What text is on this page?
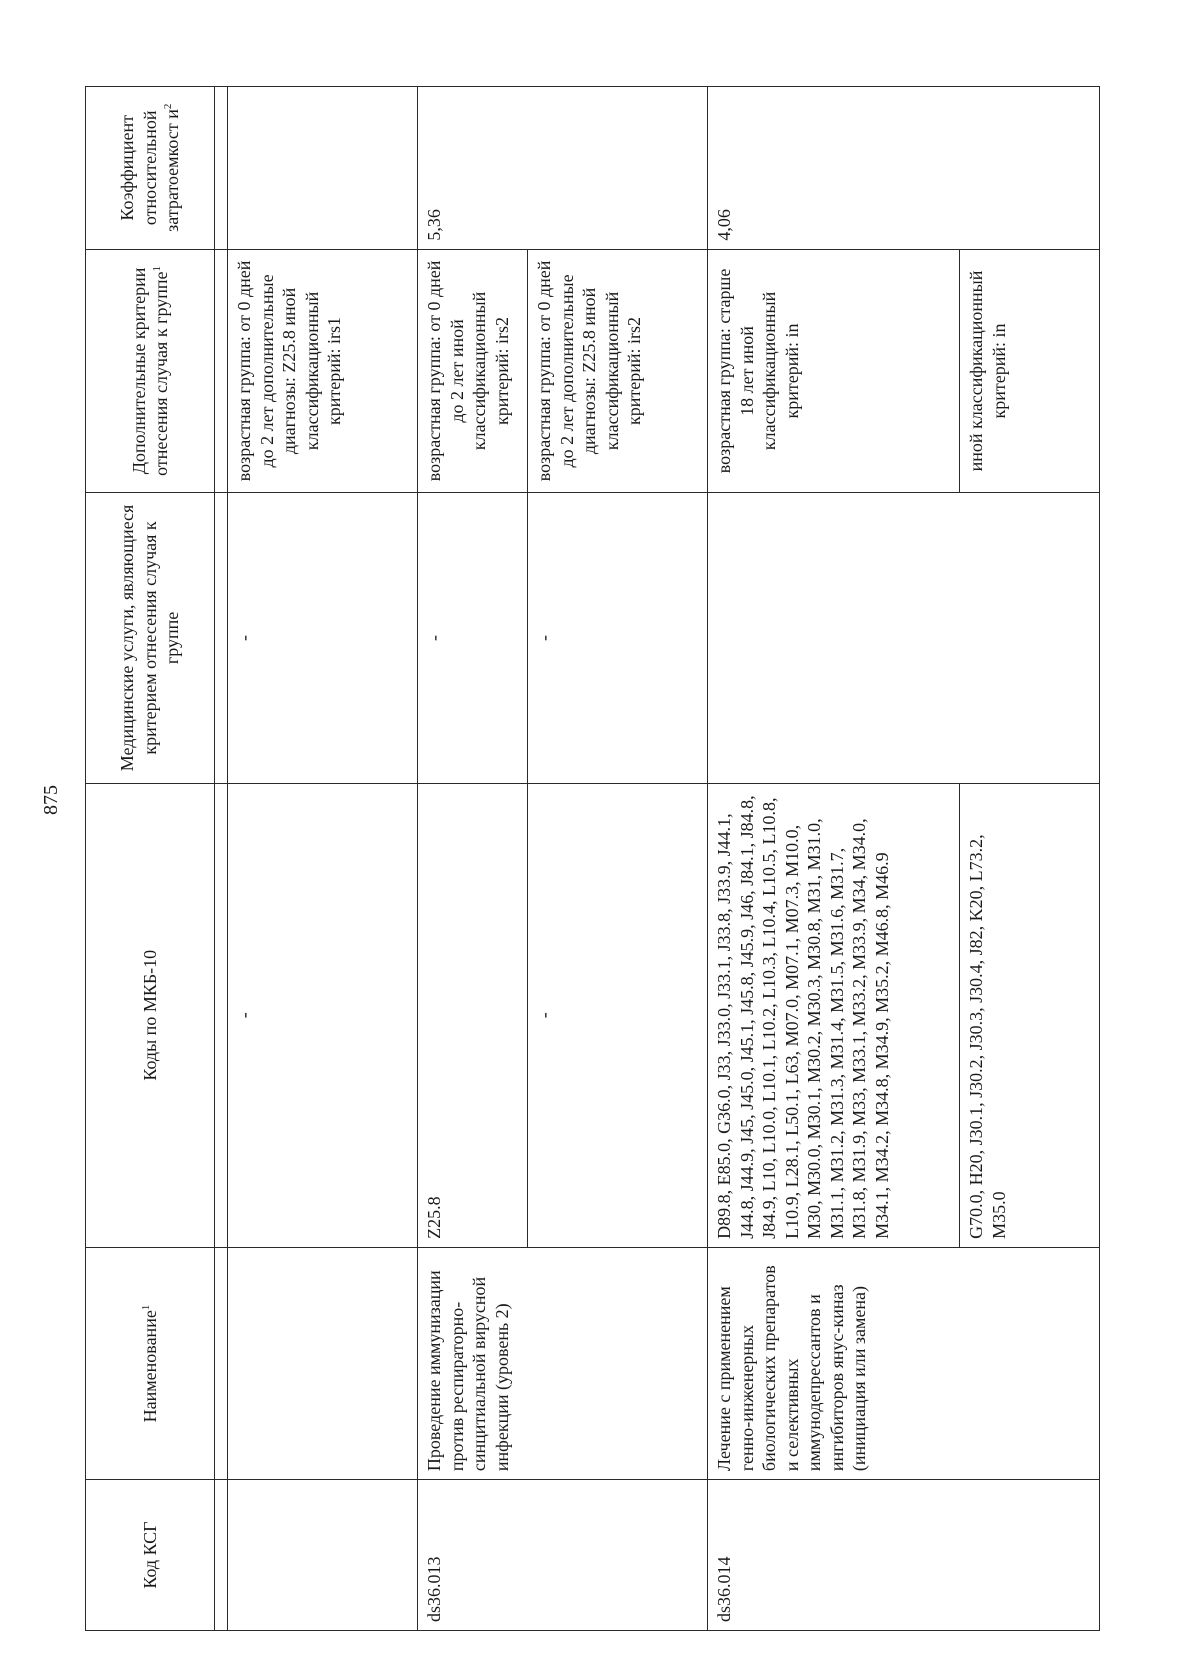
875
Код КСГ	Наименование$^1$	Коды по МКБ-10	Медицинские услуги, являющиеся критерием отнесения случая к группе	Дополнительные критерии отнесения случая к группе$^1$	Коэффициент относительной затратоемкост $и^2$

		-	-	возрастная группа: от 0 дней до 2 лет дополнительные диагнозы: Z25.8 иной классификационный критерий: irs1	
ds36.013	Проведение иммунизации против респираторно-синцитиальной вирусной инфекции (уровень 2)	Z25.8	-	возрастная группа: от 0 дней до 2 лет иной классификационный критерий: irs2	5,36
		-	-	возрастная группа: от 0 дней до 2 лет дополнительные диагнозы: Z25.8 иной классификационный критерий: irs2	
ds36.014	Лечение с применением генно-инженерных биологических препаратов и селективных иммунодепрессантов и ингибиторов янус-киназ (инициация или замена)	D89.8, E85.0, G36.0, J33, J33.0, J33.1, J33.8, J33.9, J44.1, J44.8, J44.9, J45, J45.0, J45.1, J45.8, J45.9, J46, J84.1, J84.8, J84.9, L10, L10.0, L10.1, L10.2, L10.3, L10.4, L10.5, L10.8, L10.9, L28.1, L50.1, L63, M07.0, M07.1, M07.3, M10.0, M30, M30.0, M30.1, M30.2, M30.3, M30.8, M31, M31.0, M31.1, M31.2, M31.3, M31.4, M31.5, M31.6, M31.7, M31.8, M31.9, M33, M33.1, M33.2, M33.9, M34, M34.0, M34.1, M34.2, M34.8, M34.9, M35.2, M46.8, M46.9		возрастная группа: старше 18 лет иной классификационный критерий: in	4,06
		G70.0, H20, J30.1, J30.2, J30.3, J30.4, J82, K20, L73.2, M35.0		иной классификационный критерий: in	
